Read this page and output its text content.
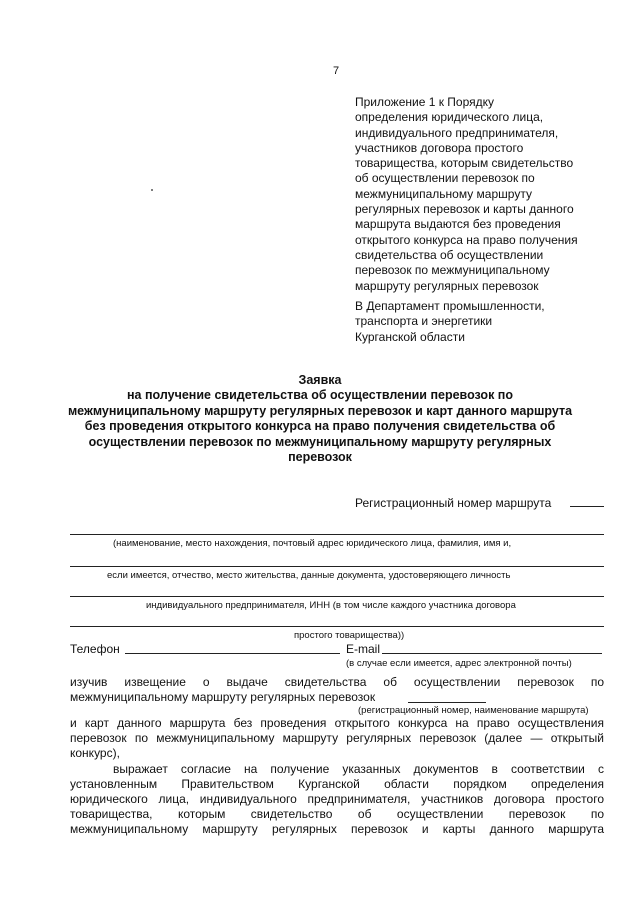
7
Приложение 1 к Порядку
определения юридического лица,
индивидуального предпринимателя,
участников договора простого
товарищества, которым свидетельство
об осуществлении перевозок по
межмуниципальному маршруту
регулярных перевозок и карты данного
маршрута выдаются без проведения
открытого конкурса на право получения
свидетельства об осуществлении
перевозок по межмуниципальному
маршруту регулярных перевозок
В Департамент промышленности,
транспорта и энергетики
Курганской области
Заявка
на получение свидетельства об осуществлении перевозок по
межмуниципальному маршруту регулярных перевозок и карт данного маршрута
без проведения открытого конкурса на право получения свидетельства об
осуществлении перевозок по межмуниципальному маршруту регулярных
перевозок
Регистрационный номер маршрута
(наименование, место нахождения, почтовый адрес юридического лица, фамилия, имя и,
если имеется, отчество, место жительства, данные документа, удостоверяющего личность
индивидуального предпринимателя, ИНН (в том числе каждого участника договора
простого товарищества))
Телефон	E-mail
(в случае если имеется, адрес электронной почты)
изучив извещение о выдаче свидетельства об осуществлении перевозок по
межмуниципальному маршруту регулярных перевозок
(регистрационный номер, наименование маршрута)
и карт данного маршрута без проведения открытого конкурса на право осуществления
перевозок по межмуниципальному маршруту регулярных перевозок (далее — открытый
конкурс),
выражает согласие на получение указанных документов в соответствии с
установленным Правительством Курганской области порядком определения
юридического лица, индивидуального предпринимателя, участников договора простого
товарищества, которым свидетельство об осуществлении перевозок по
межмуниципальному маршруту регулярных перевозок и карты данного маршрута
